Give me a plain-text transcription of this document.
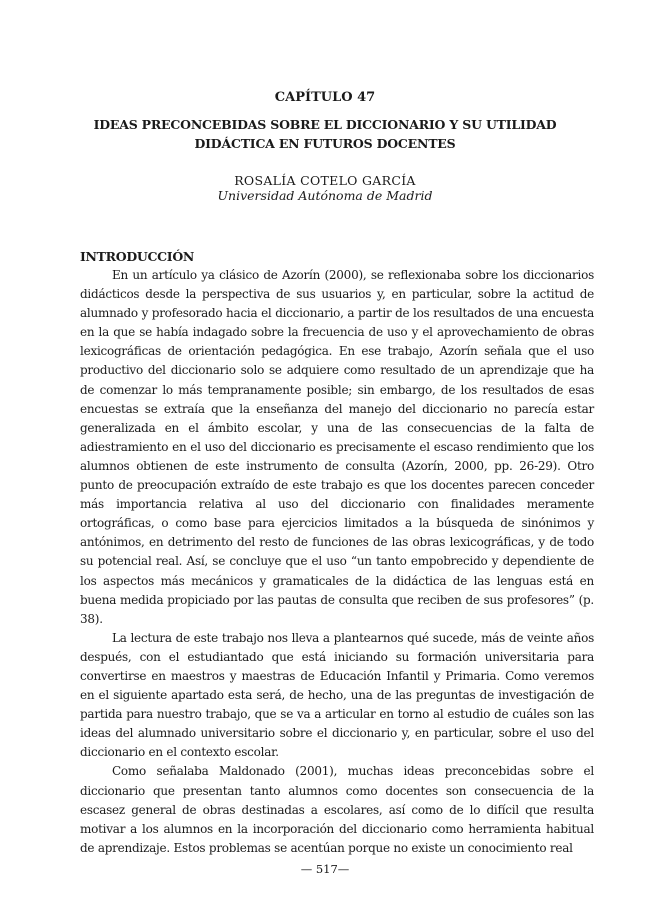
CAPÍTULO 47

IDEAS PRECONCEBIDAS SOBRE EL DICCIONARIO Y SU UTILIDAD DIDÁCTICA EN FUTUROS DOCENTES

ROSALÍA COTELO GARCÍA

Universidad Autónoma de Madrid

INTRODUCCIÓN

En un artículo ya clásico de Azorín (2000), se reflexionaba sobre los diccionarios didácticos desde la perspectiva de sus usuarios y, en particular, sobre la actitud de alumnado y profesorado hacia el diccionario, a partir de los resultados de una encuesta en la que se había indagado sobre la frecuencia de uso y el aprovechamiento de obras lexicográficas de orientación pedagógica. En ese trabajo, Azorín señala que el uso productivo del diccionario solo se adquiere como resultado de un aprendizaje que ha de comenzar lo más tempranamente posible; sin embargo, de los resultados de esas encuestas se extraía que la enseñanza del manejo del diccionario no parecía estar generalizada en el ámbito escolar, y una de las consecuencias de la falta de adiestramiento en el uso del diccionario es precisamente el escaso rendimiento que los alumnos obtienen de este instrumento de consulta (Azorín, 2000, pp. 26-29). Otro punto de preocupación extraído de este trabajo es que los docentes parecen conceder más importancia relativa al uso del diccionario con finalidades meramente ortográficas, o como base para ejercicios limitados a la búsqueda de sinónimos y antónimos, en detrimento del resto de funciones de las obras lexicográficas, y de todo su potencial real. Así, se concluye que el uso “un tanto empobrecido y dependiente de los aspectos más mecánicos y gramaticales de la didáctica de las lenguas está en buena medida propiciado por las pautas de consulta que reciben de sus profesores” (p. 38).

La lectura de este trabajo nos lleva a plantearnos qué sucede, más de veinte años después, con el estudiantado que está iniciando su formación universitaria para convertirse en maestros y maestras de Educación Infantil y Primaria. Como veremos en el siguiente apartado esta será, de hecho, una de las preguntas de investigación de partida para nuestro trabajo, que se va a articular en torno al estudio de cuáles son las ideas del alumnado universitario sobre el diccionario y, en particular, sobre el uso del diccionario en el contexto escolar.

Como señalaba Maldonado (2001), muchas ideas preconcebidas sobre el diccionario que presentan tanto alumnos como docentes son consecuencia de la escasez general de obras destinadas a escolares, así como de lo difícil que resulta motivar a los alumnos en la incorporación del diccionario como herramienta habitual de aprendizaje. Estos problemas se acentúan porque no existe un conocimiento real

— 517—
